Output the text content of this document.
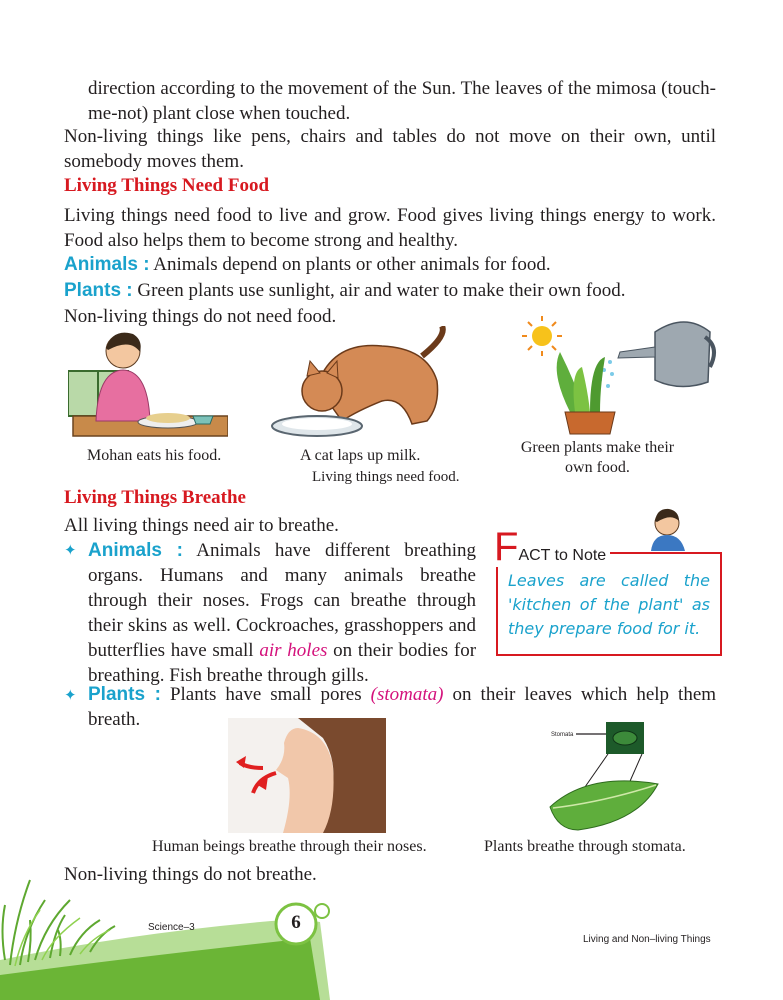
direction according to the movement of the Sun. The leaves of the mimosa (touch-me-not) plant close when touched.
Non-living things like pens, chairs and tables do not move on their own, until somebody moves them.
Living Things Need Food
Living things need food to live and grow. Food gives living things energy to work. Food also helps them to become strong and healthy.
Animals : Animals depend on plants or other animals for food.
Plants : Green plants use sunlight, air and water to make their own food.
Non-living things do not need food.
Mohan eats his food.	A cat laps up milk.
Living things need food.
Green plants make their own food.
Living Things Breathe
All living things need air to breathe.
✦ Animals : Animals have different breathing organs. Humans and many animals breathe through their noses. Frogs can breathe through their skins as well. Cockroaches, grasshoppers and butterflies have small air holes on their bodies for breathing. Fish breathe through gills.
FACT to Note
Leaves are called the 'kitchen of the plant' as they prepare food for it.
✦ Plants : Plants have small pores (stomata) on their leaves which help them breath.
Human beings breathe through their noses.
Stomata
Plants breathe through stomata.
Non-living things do not breathe.
6
Science–3
Living and Non–living Things
